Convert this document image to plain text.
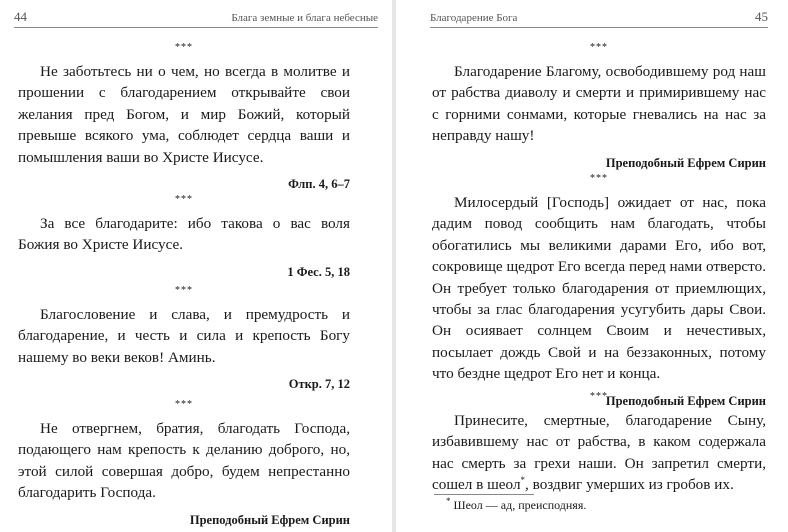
44	Блага земные и блага небесные
***

Не заботьтесь ни о чем, но всегда в молитве и прошении с благодарением открывайте свои желания пред Богом, и мир Божий, который превыше всякого ума, соблюдет сердца ваши и помышления ваши во Христе Иисусе.

Флп. 4, 6–7
***

За все благодарите: ибо такова о вас воля Божия во Христе Иисусе.

1 Фес. 5, 18
***

Благословение и слава, и премудрость и благодарение, и честь и сила и крепость Богу нашему во веки веков! Аминь.

Откр. 7, 12
***

Не отвергнем, братия, благодать Господа, подающего нам крепость к деланию доброго, но, этой силой совершая добро, будем непрестанно благодарить Господа.

Преподобный Ефрем Сирин
Благодарение Бога	45
***

Благодарение Благому, освободившему род наш от рабства диаволу и смерти и примирившему нас с горними сонмами, которые гневались на нас за неправду нашу!

Преподобный Ефрем Сирин
***

Милосердый [Господь] ожидает от нас, пока дадим повод сообщить нам благодать, чтобы обогатились мы великими дарами Его, ибо вот, сокровище щедрот Его всегда перед нами отверсто. Он требует только благодарения от приемлющих, чтобы за глас благодарения усугубить дары Свои. Он осиявает солнцем Своим и нечестивых, посылает дождь Свой и на беззаконных, потому что бездне щедрот Его нет и конца.

Преподобный Ефрем Сирин
***

Принесите, смертные, благодарение Сыну, избавившему нас от рабства, в каком содержала нас смерть за грехи наши. Он запретил смерти, сошел в шеол*, воздвиг умерших из гробов их.

* Шеол — ад, преисподняя.
